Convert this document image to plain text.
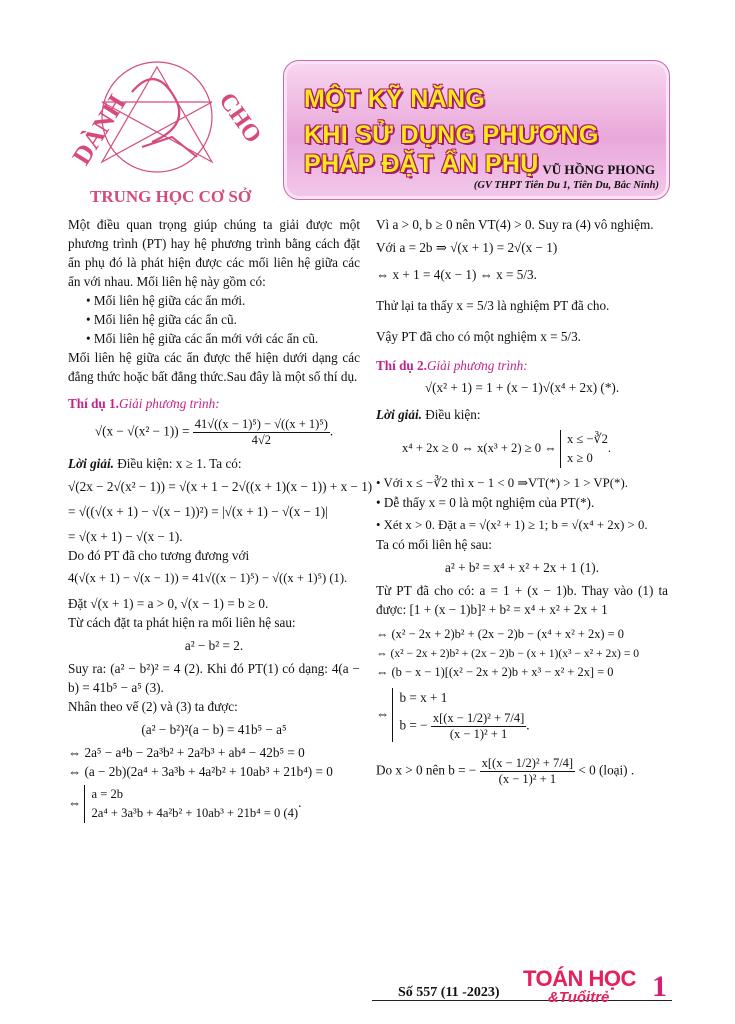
DÀNH	CHO
TRUNG HỌC CƠ SỞ
MỘT KỸ NĂNG
KHI SỬ DỤNG PHƯƠNG PHÁP ĐẶT ẨN PHỤ VŨ HỒNG PHONG
(GV THPT Tiên Du 1, Tiên Du, Bắc Ninh)

Một điều quan trọng giúp chúng ta giải được một phương trình (PT) hay hệ phương trình bằng cách đặt ẩn phụ đó là phát hiện được các mối liên hệ giữa các ẩn với nhau. Mối liên hệ này gồm có:

• Mối liên hệ giữa các ẩn mới.
• Mối liên hệ giữa các ẩn cũ.
• Mối liên hệ giữa các ẩn mới với các ẩn cũ.

Mối liên hệ giữa các ẩn được thể hiện dưới dạng các đẳng thức hoặc bất đẳng thức.Sau đây là một số thí dụ.

Thí dụ 1.Giải phương trình:
$√(x - √(x^2 - 1)) = \frac{\text{41√((x − 1)⁵) − √((x + 1)⁵)}}{4√2}$ .
Lời giải. Điều kiện: x ≥ 1. Ta có:
√(2x − 2√(x² − 1)) = √(x + 1 − 2√((x + 1)(x − 1)) + x − 1)
= √((√(x + 1) − √(x − 1))²) = |√(x + 1) − √(x − 1)|
= √(x + 1) − √(x − 1).
Do đó PT đã cho tương đương với
4(√(x + 1) − √(x − 1)) = 41√((x − 1)⁵) − √((x + 1)⁵) (1).
Đặt √(x + 1) = a > 0, √(x − 1) = b ≥ 0.
Từ cách đặt ta phát hiện ra mối liên hệ sau:
a² − b² = 2.

Suy ra: (a² − b²)² = 4 (2). Khi đó PT(1) có dạng: 4(a − b) = 41b⁵ − a⁵ (3).

Nhân theo vế (2) và (3) ta được:
(a² − b²)²(a − b) = 41b⁵ − a⁵
⇔ 2a⁵ − a⁴b − 2a³b² + 2a²b³ + ab⁴ − 42b⁵ = 0
⇔ (a − 2b)(2a⁴ + 3a³b + 4a²b² + 10ab³ + 21b⁴) = 0
⇔
a = 2b
2a⁴ + 3a³b + 4a²b² + 10ab³ + 21b⁴ = 0 (4)
.

Vì a > 0, b ≥ 0 nên VT(4) > 0. Suy ra (4) vô nghiệm.

Với a = 2b ⇒ √(x + 1) = 2√(x − 1)
⇔ x + 1 = 4(x − 1) ⇔ x = 5/3.
Thử lại ta thấy x = 5/3 là nghiệm PT đã cho.
Vậy PT đã cho có một nghiệm x = 5/3.
Thí dụ 2.Giải phương trình:
√(x² + 1) = 1 + (x − 1)√(x⁴ + 2x) (*).
Lời giải. Điều kiện:
x⁴ + 2x ≥ 0 ⇔ x(x³ + 2) ≥ 0 ⇔
x ≤ −∛2
x ≥ 0
.
• Với x ≤ −∛2 thì x − 1 < 0 ⇒VT(*) > 1 > VP(*).
• Dễ thấy x = 0 là một nghiệm của PT(*).
• Xét x > 0. Đặt a = √(x² + 1) ≥ 1; b = √(x⁴ + 2x) > 0.
Ta có mối liên hệ sau:
a² + b² = x⁴ + x² + 2x + 1 (1).

Từ PT đã cho có: a = 1 + (x − 1)b. Thay vào (1) ta được: [1 + (x − 1)b]² + b² = x⁴ + x² + 2x + 1

⇔ (x² − 2x + 2)b² + (2x − 2)b − (x⁴ + x² + 2x) = 0
⇔ (x² − 2x + 2)b² + (2x − 2)b − (x + 1)(x³ − x² + 2x) = 0
⇔ (b − x − 1)[(x² − 2x + 2)b + x³ − x² + 2x] = 0
⇔
b = x + 1
b = − $\frac{\text{x[(x − 1/2)² + 7/4]}}{\text{(x − 1)² + 1}}$ .
Do x > 0 nên b = − $\frac{\text{x[(x − 1/2)² + 7/4]}}{\text{(x − 1)² + 1}} < 0$ (loại) .
Số 557 (11 -2023)
TOÁN HỌC
&Tuổitrẻ 1
